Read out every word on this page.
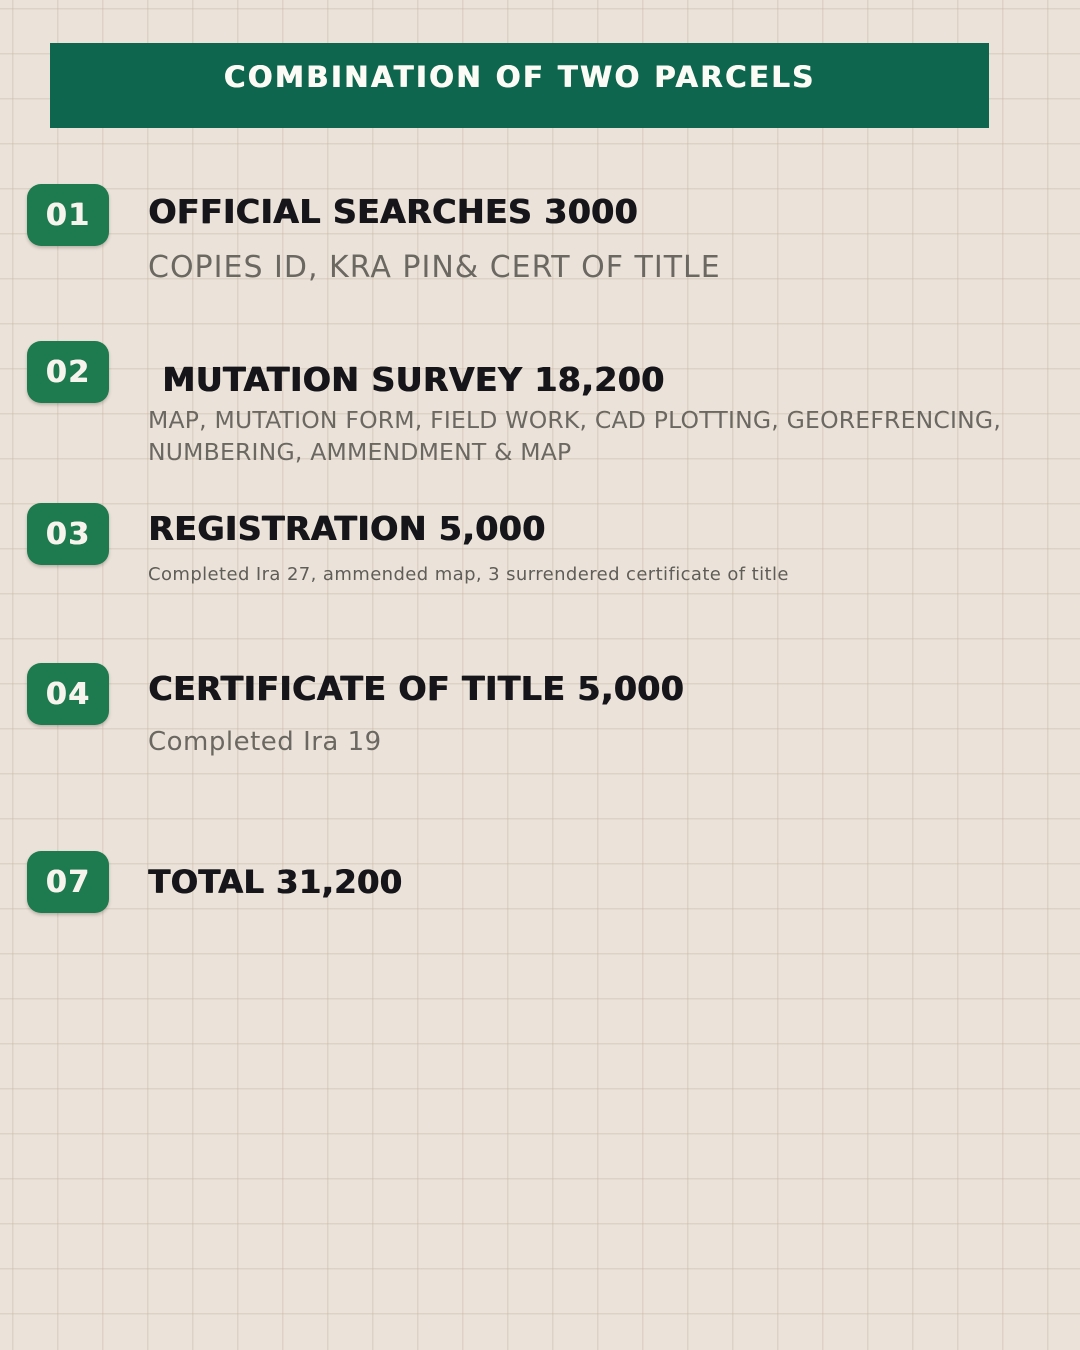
COMBINATION OF TWO PARCELS
01	OFFICIAL SEARCHES 3000
COPIES ID, KRA PIN& CERT OF TITLE
02	MUTATION SURVEY 18,200
MAP, MUTATION FORM, FIELD WORK, CAD PLOTTING, GEOREFRENCING, NUMBERING, AMMENDMENT & MAP
03	REGISTRATION 5,000
Completed Ira 27, ammended map, 3 surrendered certificate of title
04	CERTIFICATE OF TITLE 5,000
Completed Ira 19
07	TOTAL 31,200
